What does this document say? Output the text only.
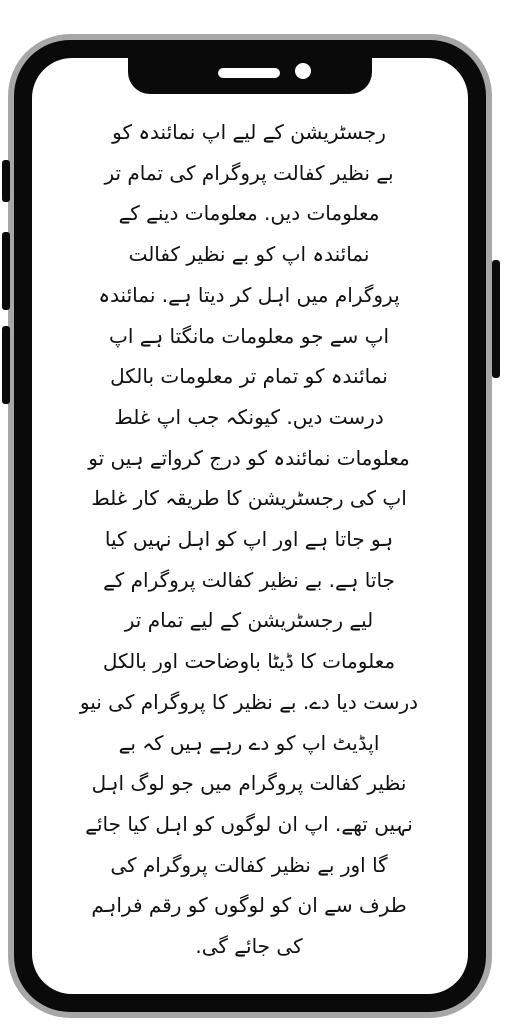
رجسٹریشن کے لیے اپ نمائندہ کو
بے نظیر کفالت پروگرام کی تمام تر
معلومات دیں. معلومات دینے کے
نمائندہ اپ کو بے نظیر کفالت
پروگرام میں اہل کر دیتا ہے. نمائندہ
اپ سے جو معلومات مانگتا ہے اپ
نمائندہ کو تمام تر معلومات بالکل
درست دیں. کیونکہ جب اپ غلط
معلومات نمائندہ کو درج کرواتے ہیں تو
اپ کی رجسٹریشن کا طریقہ کار غلط
ہو جاتا ہے اور اپ کو اہل نہیں کیا
جاتا ہے. بے نظیر کفالت پروگرام کے
لیے رجسٹریشن کے لیے تمام تر
معلومات کا ڈیٹا باوضاحت اور بالکل
درست دیا دے. بے نظیر کا پروگرام کی نیو
اپڈیٹ اپ کو دے رہے ہیں کہ بے
نظیر کفالت پروگرام میں جو لوگ اہل
نہیں تھے. اپ ان لوگوں کو اہل کیا جائے
گا اور بے نظیر کفالت پروگرام کی
طرف سے ان کو لوگوں کو رقم فراہم
کی جائے گی.
